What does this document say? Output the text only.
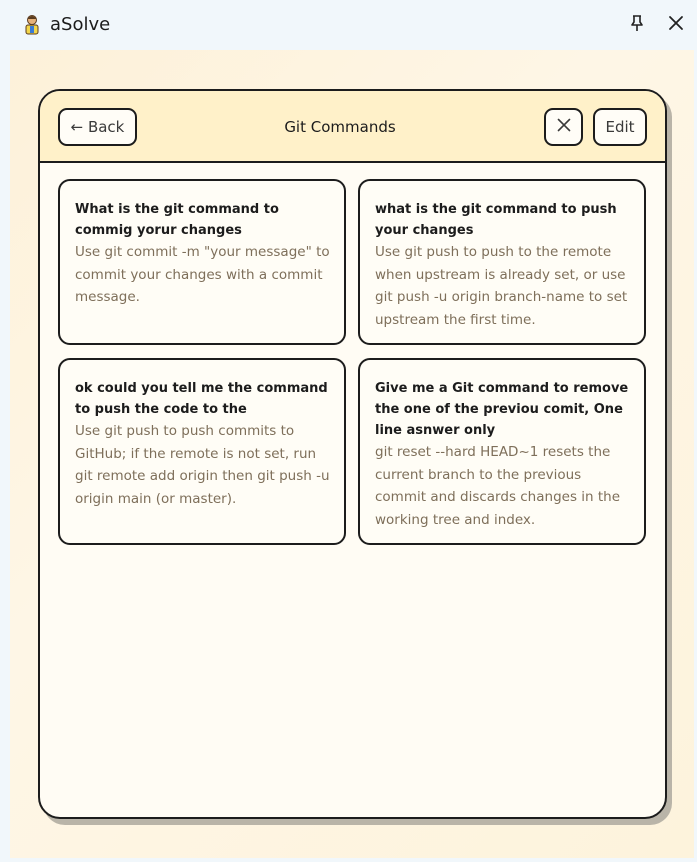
aSolve
← Back	Git Commands	Edit
What is the git command to commig yorur changes
Use git commit -m "your message" to commit your changes with a commit message.
what is the git command to push your changes
Use git push to push to the remote when upstream is already set, or use git push -u origin branch-name to set upstream the first time.
ok could you tell me the command to push the code to the
Use git push to push commits to GitHub; if the remote is not set, run git remote add origin then git push -u origin main (or master).
Give me a Git command to remove the one of the previou comit, One line asnwer only
git reset --hard HEAD~1 resets the current branch to the previous commit and discards changes in the working tree and index.
